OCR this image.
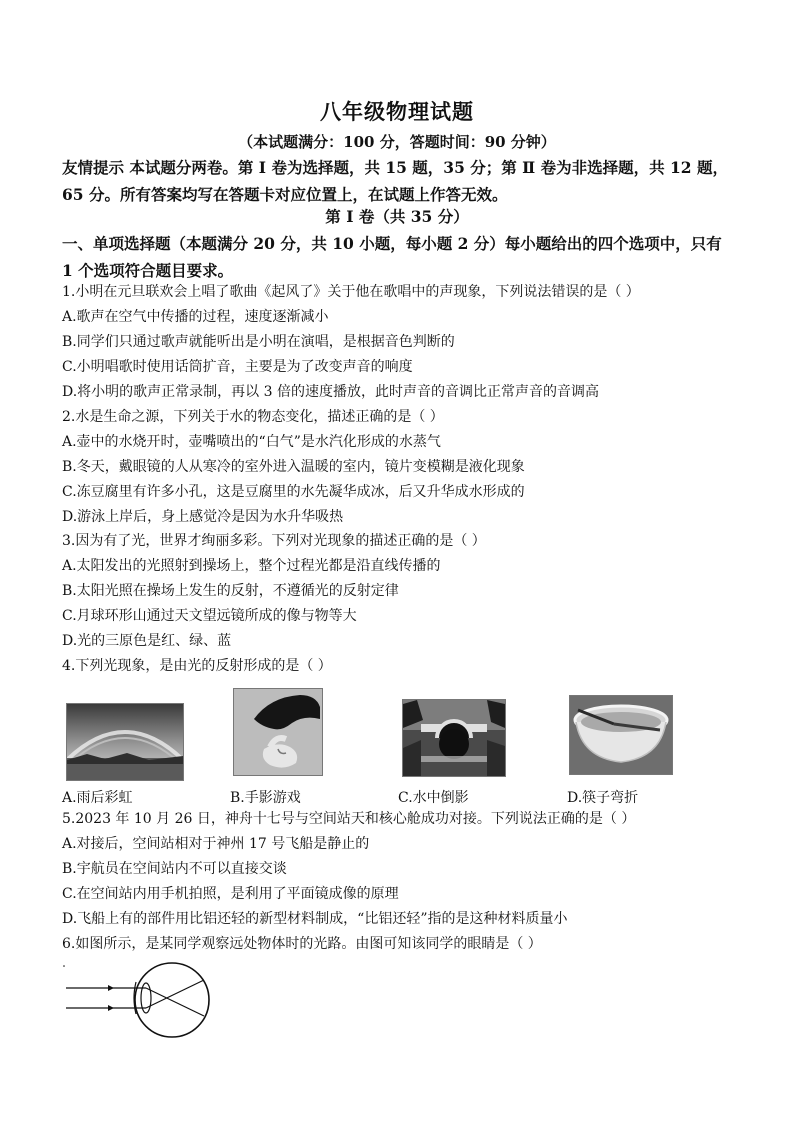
八年级物理试题
（本试题满分：100 分，答题时间：90 分钟）
友情提示 本试题分两卷。第 Ⅰ 卷为选择题，共 15 题，35 分；第 Ⅱ 卷为非选择题，共 12 题，65 分。所有答案均写在答题卡对应位置上，在试题上作答无效。
第 Ⅰ 卷（共 35 分）
一、单项选择题（本题满分 20 分，共 10 小题，每小题 2 分）每小题给出的四个选项中，只有 1 个选项符合题目要求。
1.小明在元旦联欢会上唱了歌曲《起风了》关于他在歌唱中的声现象，下列说法错误的是（ ）
A.歌声在空气中传播的过程，速度逐渐减小
B.同学们只通过歌声就能听出是小明在演唱，是根据音色判断的
C.小明唱歌时使用话筒扩音，主要是为了改变声音的响度
D.将小明的歌声正常录制，再以 3 倍的速度播放，此时声音的音调比正常声音的音调高
2.水是生命之源，下列关于水的物态变化，描述正确的是（ ）
A.壶中的水烧开时，壶嘴喷出的“白气”是水汽化形成的水蒸气
B.冬天，戴眼镜的人从寒冷的室外进入温暖的室内，镜片变模糊是液化现象
C.冻豆腐里有许多小孔，这是豆腐里的水先凝华成冰，后又升华成水形成的
D.游泳上岸后，身上感觉冷是因为水升华吸热
3.因为有了光，世界才绚丽多彩。下列对光现象的描述正确的是（ ）
A.太阳发出的光照射到操场上，整个过程光都是沿直线传播的
B.太阳光照在操场上发生的反射，不遵循光的反射定律
C.月球环形山通过天文望远镜所成的像与物等大
D.光的三原色是红、绿、蓝
4.下列光现象，是由光的反射形成的是（ ）
A.雨后彩虹	B.手影游戏	C.水中倒影	D.筷子弯折
5.2023 年 10 月 26 日，神舟十七号与空间站天和核心舱成功对接。下列说法正确的是（ ）
A.对接后，空间站相对于神州 17 号飞船是静止的
B.宇航员在空间站内不可以直接交谈
C.在空间站内用手机拍照，是利用了平面镜成像的原理
D.飞船上有的部件用比铝还轻的新型材料制成，“比铝还轻”指的是这种材料质量小
6.如图所示，是某同学观察远处物体时的光路。由图可知该同学的眼睛是（ ）
